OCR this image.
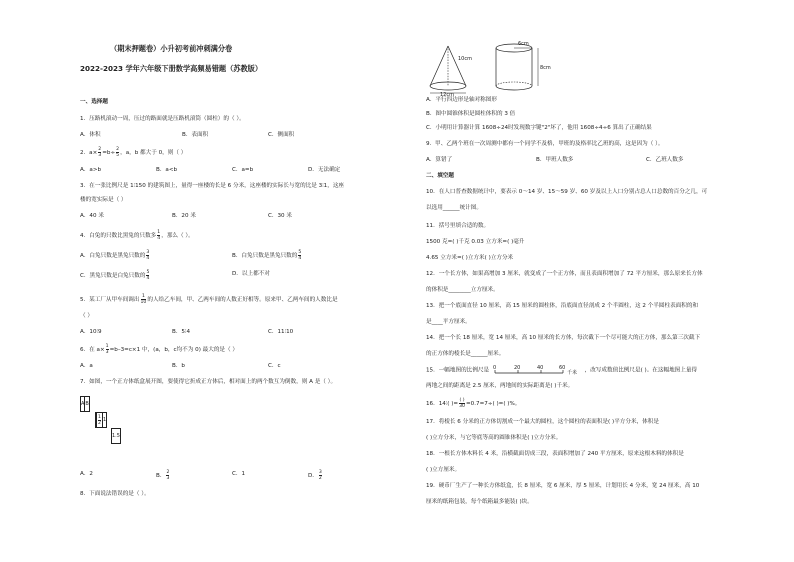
（期末押题卷）小升初考前冲刺满分卷
2022-2023 学年六年级下册数学高频易错题（苏教版）
一、选择题
1．压路机滚动一周，压过的路面就是压路机滚筒（圆柱）的（ ）。
A．体积	B．表面积	C．侧面积
2．$a\times \frac{2}{3} =b\div \frac{2}{5}$ ，a，b 都大于 0，则（ ）
A．a>b	B．a<b	C．a=b	D．无法确定
3．在一张比例尺是 1∶150 的建筑图上，量得一座楼的长是 6 分米，这座楼的实际长与宽的比是 3∶1，这座
楼的宽实际是（ ）
A．40 米	B．20 米	C．30 米
4．白兔的只数比黑兔的只数多 $\frac{1}{4}$ ，那么（ ）。
A．白兔只数是黑兔只数的 $\frac{3}{4}$	B．白兔只数是黑兔只数的 $\frac{5}{4}$
C．黑兔只数是白兔只数的 $\frac{5}{4}$	D．以上都不对
5．某工厂从甲车间调出 $\frac{1}{10}$ 的人给乙车间，甲、乙两车间的人数正好相等。原来甲、乙两车间的人数比是
（ ）
A．10∶9	B．5∶4	C．11∶10
6．在 $a\times \frac{1}{3} =b-3=c\times 1$ 中，(a，b，c均不为 0) 最大的是（ ）
A．a	B．b	C．c
7．如图，一个正方体纸盒展开图，要使得它折成正方体后，相对面上的两个数互为倒数，则 A 是（ ）。
A	B

$\frac{1}{2}$	1
1.5
A．2	B． $\frac{2}{3}$	C．1	D． $\frac{3}{2}$
8．下面说法错误的是（ ）。
10cm
12cm
6cm
8cm
A．平行四边形是轴对称图形
B．图中圆锥体积是圆柱体积的 3 倍
C．小明用计算器计算 1608÷24时发现数字键"2"坏了，他用 1608÷4÷6 算出了正确结果
9．甲、乙两个班在一次周测中都有一个同学不及格，甲班的及格率比乙班的高，这是因为（ ）。
A．算错了	B．甲班人数多	C．乙班人数多
二、填空题
10．在人口普查数据统计中，要表示 0～14 岁、15～59 岁、60 岁及以上人口分别占总人口总数的百分之几，可
以选用______统计图。
11．括号里填合适的数。
1500 克=( )千克 0.03 立方米=( )毫升
4.65 立方米=( )立方米( )立方分米
12．一个长方体，如果高增加 3 厘米，就变成了一个正方体，而且表面积增加了 72 平方厘米，那么原来长方体
的体积是________立方厘米。
13．把一个底面直径 10 厘米，高 15 厘米的圆柱体，沿底面直径剖成 2 个半圆柱，这 2 个半圆柱表面积的和
是____平方厘米。
14．把一个长 18 厘米，宽 14 厘米，高 10 厘米的长方体，每次截下一个尽可能大的正方体，那么第三次截下
的正方体的棱长是______厘米。
15．一幅地图的比例尺是 0	20	40	60
千米 ，改写成数值比例尺是( )。在这幅地图上量得
两地之间的距离是 2.5 厘米，两地间的实际距离是( )千米。
16．14∶( )= $\frac{( )}{30} =0.7=7\div$( )=( )%。
17．将棱长 6 分米的正方体切割成一个最大的圆柱，这个圆柱的表面积是( )平方分米，体积是
( )立方分米，与它等底等高的圆锥体积是( )立方分米。
18．一根长方体木料长 4 米，沿横截面切成三段，表面积增加了 240 平方厘米，原来这根木料的体积是
( )立方厘米。
19．硬币厂生产了一种长方体纸盒，长 8 厘米，宽 6 厘米，厚 5 厘米，计划用长 4 分米，宽 24 厘米，高 10
厘米的纸箱包装，每个纸箱最多能装( )块。
